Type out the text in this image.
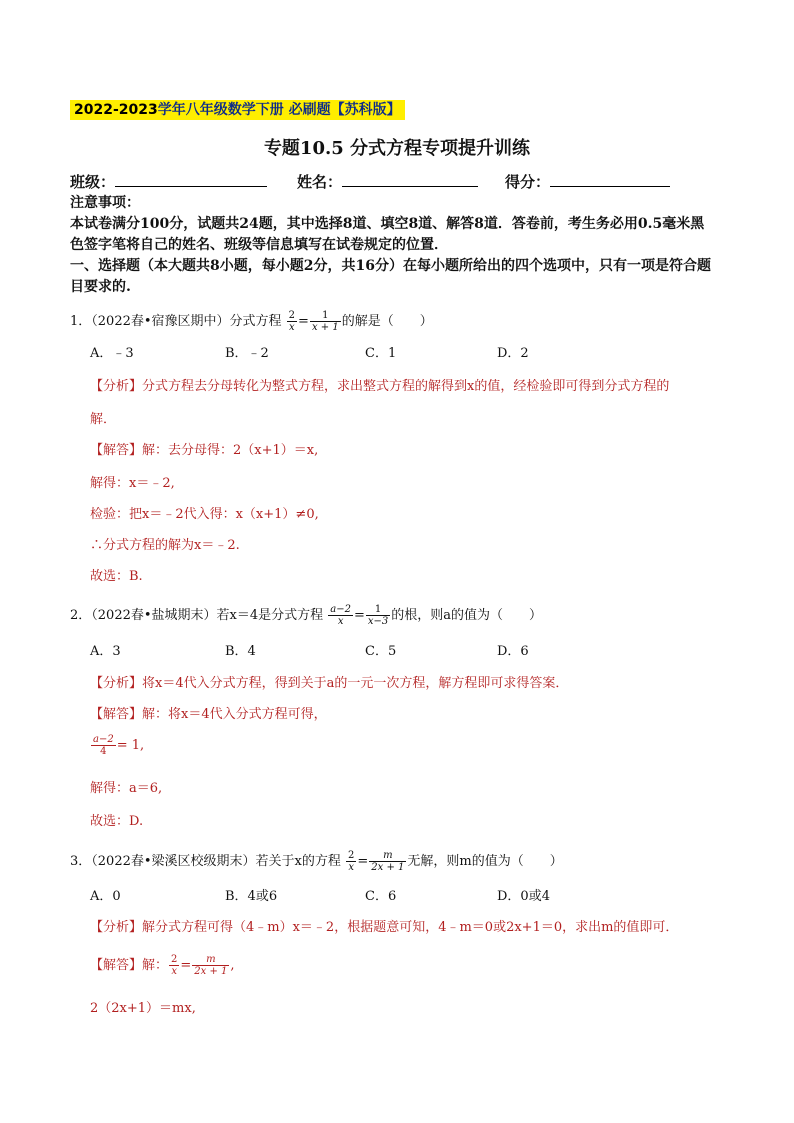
2022-2023学年八年级数学下册 必刷题【苏科版】
专题10.5 分式方程专项提升训练
班级：	姓名：	得分：
注意事项：
本试卷满分100分，试题共24题，其中选择8道、填空8道、解答8道．答卷前，考生务必用0.5毫米黑
色签字笔将自己的姓名、班级等信息填写在试卷规定的位置．
一、选择题（本大题共8小题，每小题2分，共16分）在每小题所给出的四个选项中，只有一项是符合题
目要求的.
1．（2022春•宿豫区期中）分式方程 $\frac{2}{x} = \frac{1}{x + 1}$ 的解是（　　）
A．﹣3	B．﹣2	C．1	D．2
【分析】分式方程去分母转化为整式方程，求出整式方程的解得到x的值，经检验即可得到分式方程的
解．
【解答】解：去分母得：2（x+1）＝x,
解得：x＝﹣2,
检验：把x＝﹣2代入得：x（x+1）≠0,
∴分式方程的解为x＝﹣2.
故选：B.
2．（2022春•盐城期末）若x＝4是分式方程 $\frac{a-2}{x} = \frac{1}{x-3}$ 的根，则a的值为（　　）
A．3	B．4	C．5	D．6
【分析】将x＝4代入分式方程，得到关于a的一元一次方程，解方程即可求得答案．
【解答】解：将x＝4代入分式方程可得，
$\frac{a-2}{4} = 1$,
解得：a＝6,
故选：D.
3．（2022春•梁溪区校级期末）若关于x的方程 $\frac{2}{x} = \frac{m}{2x + 1}$ 无解，则m的值为（　　）
A．0	B．4或6	C．6	D．0或4
【分析】解分式方程可得（4﹣m）x＝﹣2，根据题意可知，4﹣m＝0或2x+1＝0，求出m的值即可．
【解答】解： $\frac{2}{x} = \frac{m}{2x + 1}$ ,
2（2x+1）＝mx,
